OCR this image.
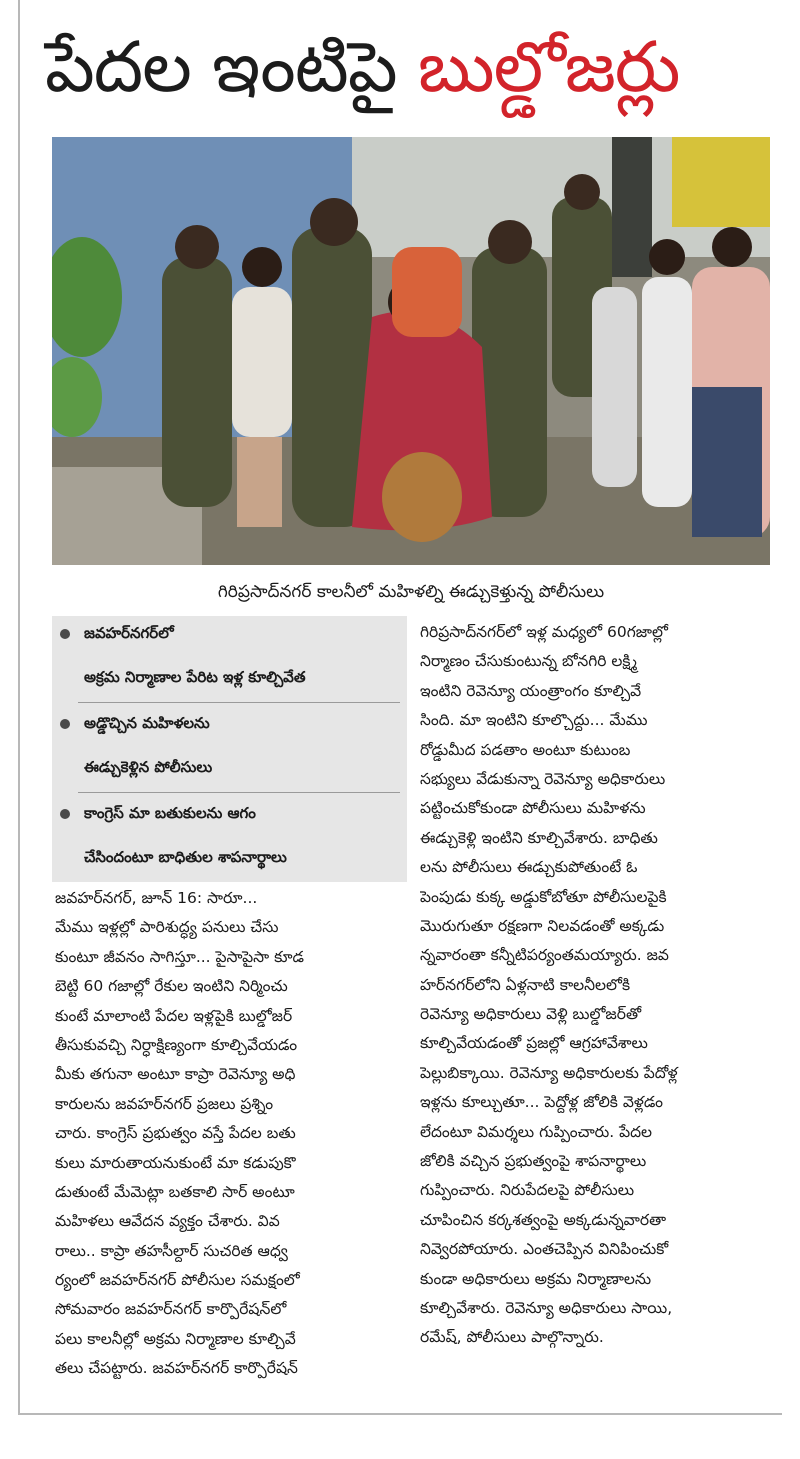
పేదల ఇంటిపై బుల్డోజర్లు
గిరిప్రసాద్‌నగర్ కాలనీలో మహిళల్ని ఈడ్చుకెళ్తున్న పోలీసులు
జవహర్‌నగర్‌లో
అక్రమ నిర్మాణాల పేరిట ఇళ్ల కూల్చివేత
అడ్డొచ్చిన మహిళలను
ఈడ్చుకెళ్లిన పోలీసులు
కాంగ్రెస్ మా బతుకులను ఆగం
చేసిందంటూ బాధితుల శాపనార్థాలు
జవహర్‌నగర్, జూన్ 16: సారూ...
మేము ఇళ్లల్లో పారిశుద్ధ్య పనులు చేసు
కుంటూ జీవనం సాగిస్తూ... పైసాపైసా కూడ
బెట్టి 60 గజాల్లో రేకుల ఇంటిని నిర్మించు
కుంటే మాలాంటి పేదల ఇళ్లపైకి బుల్డోజర్
తీసుకువచ్చి నిర్ధాక్షిణ్యంగా కూల్చివేయడం
మీకు తగునా అంటూ కాప్రా రెవెన్యూ అధి
కారులను జవహర్‌నగర్ ప్రజలు ప్రశ్నిం
చారు. కాంగ్రెస్ ప్రభుత్వం వస్తే పేదల బతు
కులు మారుతాయనుకుంటే మా కడుపుకొ
డుతుంటే మేమెట్లా బతకాలి సార్ అంటూ
మహిళలు ఆవేదన వ్యక్తం చేశారు. వివ
రాలు.. కాప్రా తహసీల్దార్ సుచరిత ఆధ్వ
ర్యంలో జవహర్‌నగర్ పోలీసుల సమక్షంలో
సోమవారం జవహర్‌నగర్ కార్పొరేషన్‌లో
పలు కాలనీల్లో అక్రమ నిర్మాణాల కూల్చివే
తలు చేపట్టారు. జవహర్‌నగర్ కార్పొరేషన్
గిరిప్రసాద్‌నగర్‌లో ఇళ్ల మధ్యలో 60గజాల్లో
నిర్మాణం చేసుకుంటున్న బోనగిరి లక్ష్మి
ఇంటిని రెవెన్యూ యంత్రాంగం కూల్చివే
సింది. మా ఇంటిని కూల్చొద్దు... మేము
రోడ్డుమీద పడతాం అంటూ కుటుంబ
సభ్యులు వేడుకున్నా రెవెన్యూ అధికారులు
పట్టించుకోకుండా పోలీసులు మహిళను
ఈడ్చుకెళ్లి ఇంటిని కూల్చివేశారు. బాధితు
లను పోలీసులు ఈడ్చుకుపోతుంటే ఓ
పెంపుడు కుక్క అడ్డుకోబోతూ పోలీసులపైకి
మొరుగుతూ రక్షణగా నిలవడంతో అక్కడు
న్నవారంతా కన్నీటిపర్యంతమయ్యారు. జవ
హర్‌నగర్‌లోని ఏళ్లనాటి కాలనీలలోకి
రెవెన్యూ అధికారులు వెళ్లి బుల్డోజర్‌తో
కూల్చివేయడంతో ప్రజల్లో ఆగ్రహావేశాలు
పెల్లుబిక్కాయి. రెవెన్యూ అధికారులకు పేదోళ్ల
ఇళ్లను కూల్చుతూ... పెద్దోళ్ల జోలికి వెళ్లడం
లేదంటూ విమర్శలు గుప్పించారు. పేదల
జోలికి వచ్చిన ప్రభుత్వంపై శాపనార్థాలు
గుప్పించారు. నిరుపేదలపై పోలీసులు
చూపించిన కర్కశత్వంపై అక్కడున్నవారతా
నివ్వెరపోయారు. ఎంతచెప్పిన వినిపించుకో
కుండా అధికారులు అక్రమ నిర్మాణాలను
కూల్చివేశారు. రెవెన్యూ అధికారులు సాయి,
రమేష్, పోలీసులు పాల్గొన్నారు.
